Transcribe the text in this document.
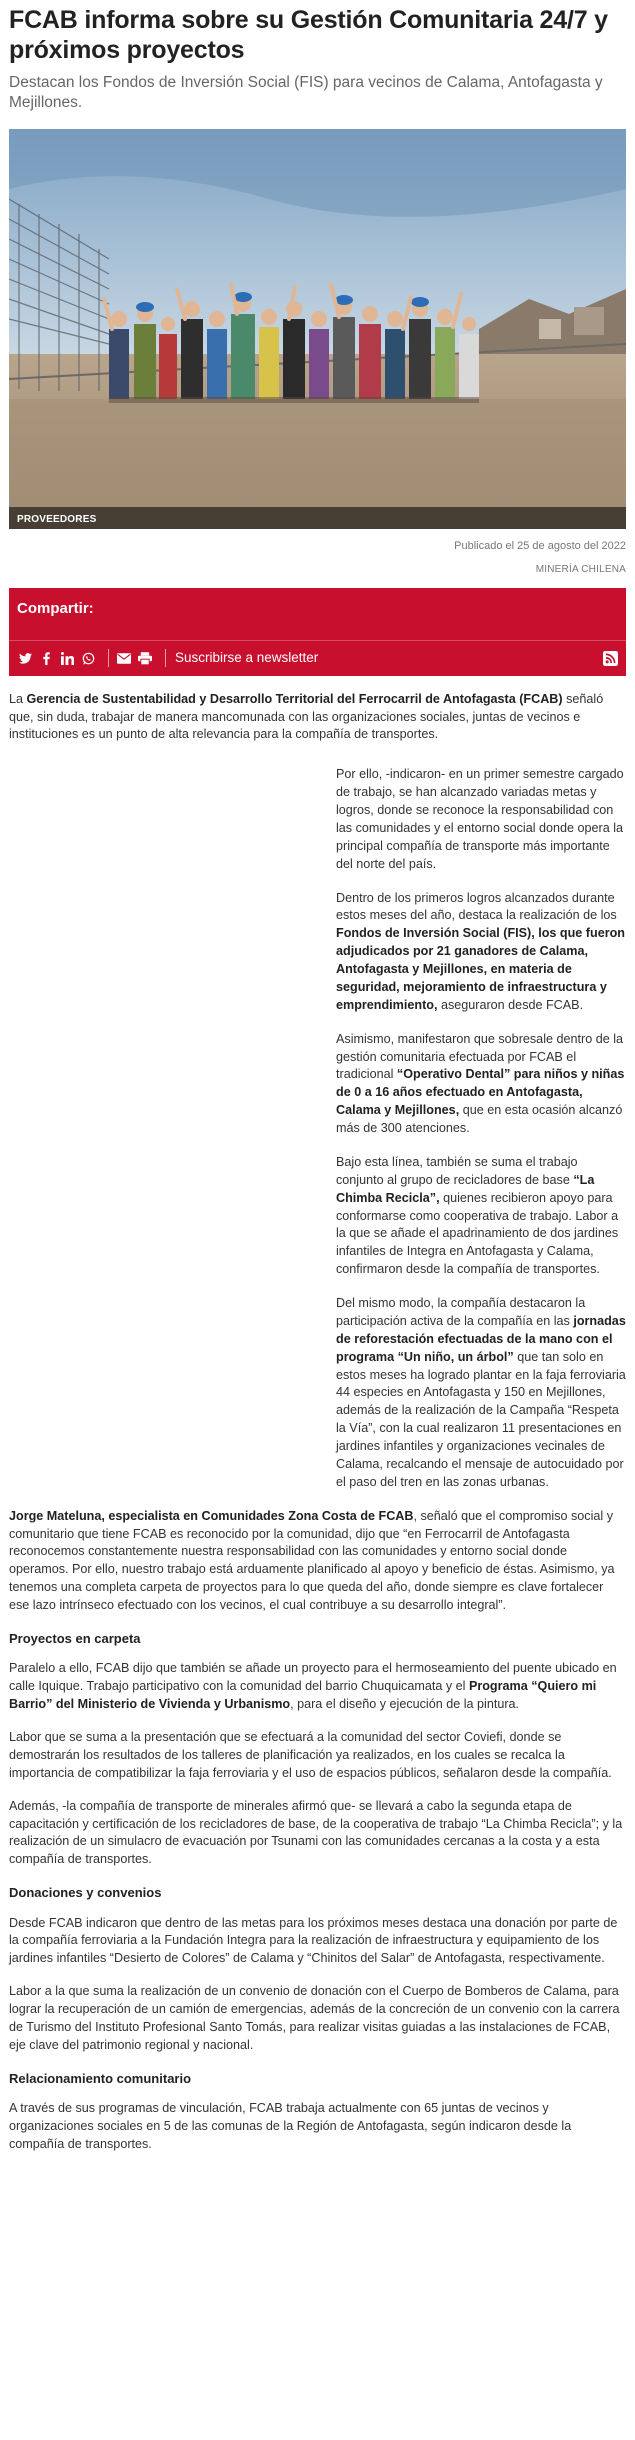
FCAB informa sobre su Gestión Comunitaria 24/7 y próximos proyectos
Destacan los Fondos de Inversión Social (FIS) para vecinos de Calama, Antofagasta y Mejillones.
PROVEEDORES
Publicado el 25 de agosto del 2022
MINERÍA CHILENA
Compartir:
Suscribirse a newsletter

La Gerencia de Sustentabilidad y Desarrollo Territorial del Ferrocarril de Antofagasta (FCAB) señaló que, sin duda, trabajar de manera mancomunada con las organizaciones sociales, juntas de vecinos e instituciones es un punto de alta relevancia para la compañía de transportes.

Por ello, -indicaron- en un primer semestre cargado de trabajo, se han alcanzado variadas metas y logros, donde se reconoce la responsabilidad con las comunidades y el entorno social donde opera la principal compañía de transporte más importante del norte del país.

Dentro de los primeros logros alcanzados durante estos meses del año, destaca la realización de los Fondos de Inversión Social (FIS), los que fueron adjudicados por 21 ganadores de Calama, Antofagasta y Mejillones, en materia de seguridad, mejoramiento de infraestructura y emprendimiento, aseguraron desde FCAB.

Asimismo, manifestaron que sobresale dentro de la gestión comunitaria efectuada por FCAB el tradicional “Operativo Dental” para niños y niñas de 0 a 16 años efectuado en Antofagasta, Calama y Mejillones, que en esta ocasión alcanzó más de 300 atenciones.

Bajo esta línea, también se suma el trabajo conjunto al grupo de recicladores de base “La Chimba Recicla”, quienes recibieron apoyo para conformarse como cooperativa de trabajo. Labor a la que se añade el apadrinamiento de dos jardines infantiles de Integra en Antofagasta y Calama, confirmaron desde la compañía de transportes.

Del mismo modo, la compañía destacaron la participación activa de la compañía en las jornadas de reforestación efectuadas de la mano con el programa “Un niño, un árbol” que tan solo en estos meses ha logrado plantar en la faja ferroviaria 44 especies en Antofagasta y 150 en Mejillones, además de la realización de la Campaña “Respeta la Vía”, con la cual realizaron 11 presentaciones en jardines infantiles y organizaciones vecinales de Calama, recalcando el mensaje de autocuidado por el paso del tren en las zonas urbanas.

Jorge Mateluna, especialista en Comunidades Zona Costa de FCAB, señaló que el compromiso social y comunitario que tiene FCAB es reconocido por la comunidad, dijo que “en Ferrocarril de Antofagasta reconocemos constantemente nuestra responsabilidad con las comunidades y entorno social donde operamos. Por ello, nuestro trabajo está arduamente planificado al apoyo y beneficio de éstas. Asimismo, ya tenemos una completa carpeta de proyectos para lo que queda del año, donde siempre es clave fortalecer ese lazo intrínseco efectuado con los vecinos, el cual contribuye a su desarrollo integral”.

Proyectos en carpeta

Paralelo a ello, FCAB dijo que también se añade un proyecto para el hermoseamiento del puente ubicado en calle Iquique. Trabajo participativo con la comunidad del barrio Chuquicamata y el Programa “Quiero mi Barrio” del Ministerio de Vivienda y Urbanismo, para el diseño y ejecución de la pintura.

Labor que se suma a la presentación que se efectuará a la comunidad del sector Coviefi, donde se demostrarán los resultados de los talleres de planificación ya realizados, en los cuales se recalca la importancia de compatibilizar la faja ferroviaria y el uso de espacios públicos, señalaron desde la compañía.

Además, -la compañía de transporte de minerales afirmó que- se llevará a cabo la segunda etapa de capacitación y certificación de los recicladores de base, de la cooperativa de trabajo “La Chimba Recicla”; y la realización de un simulacro de evacuación por Tsunami con las comunidades cercanas a la costa y a esta compañía de transportes.

Donaciones y convenios

Desde FCAB indicaron que dentro de las metas para los próximos meses destaca una donación por parte de la compañía ferroviaria a la Fundación Integra para la realización de infraestructura y equipamiento de los jardines infantiles “Desierto de Colores” de Calama y “Chinitos del Salar” de Antofagasta, respectivamente.

Labor a la que suma la realización de un convenio de donación con el Cuerpo de Bomberos de Calama, para lograr la recuperación de un camión de emergencias, además de la concreción de un convenio con la carrera de Turismo del Instituto Profesional Santo Tomás, para realizar visitas guiadas a las instalaciones de FCAB, eje clave del patrimonio regional y nacional.

Relacionamiento comunitario

A través de sus programas de vinculación, FCAB trabaja actualmente con 65 juntas de vecinos y organizaciones sociales en 5 de las comunas de la Región de Antofagasta, según indicaron desde la compañía de transportes.
